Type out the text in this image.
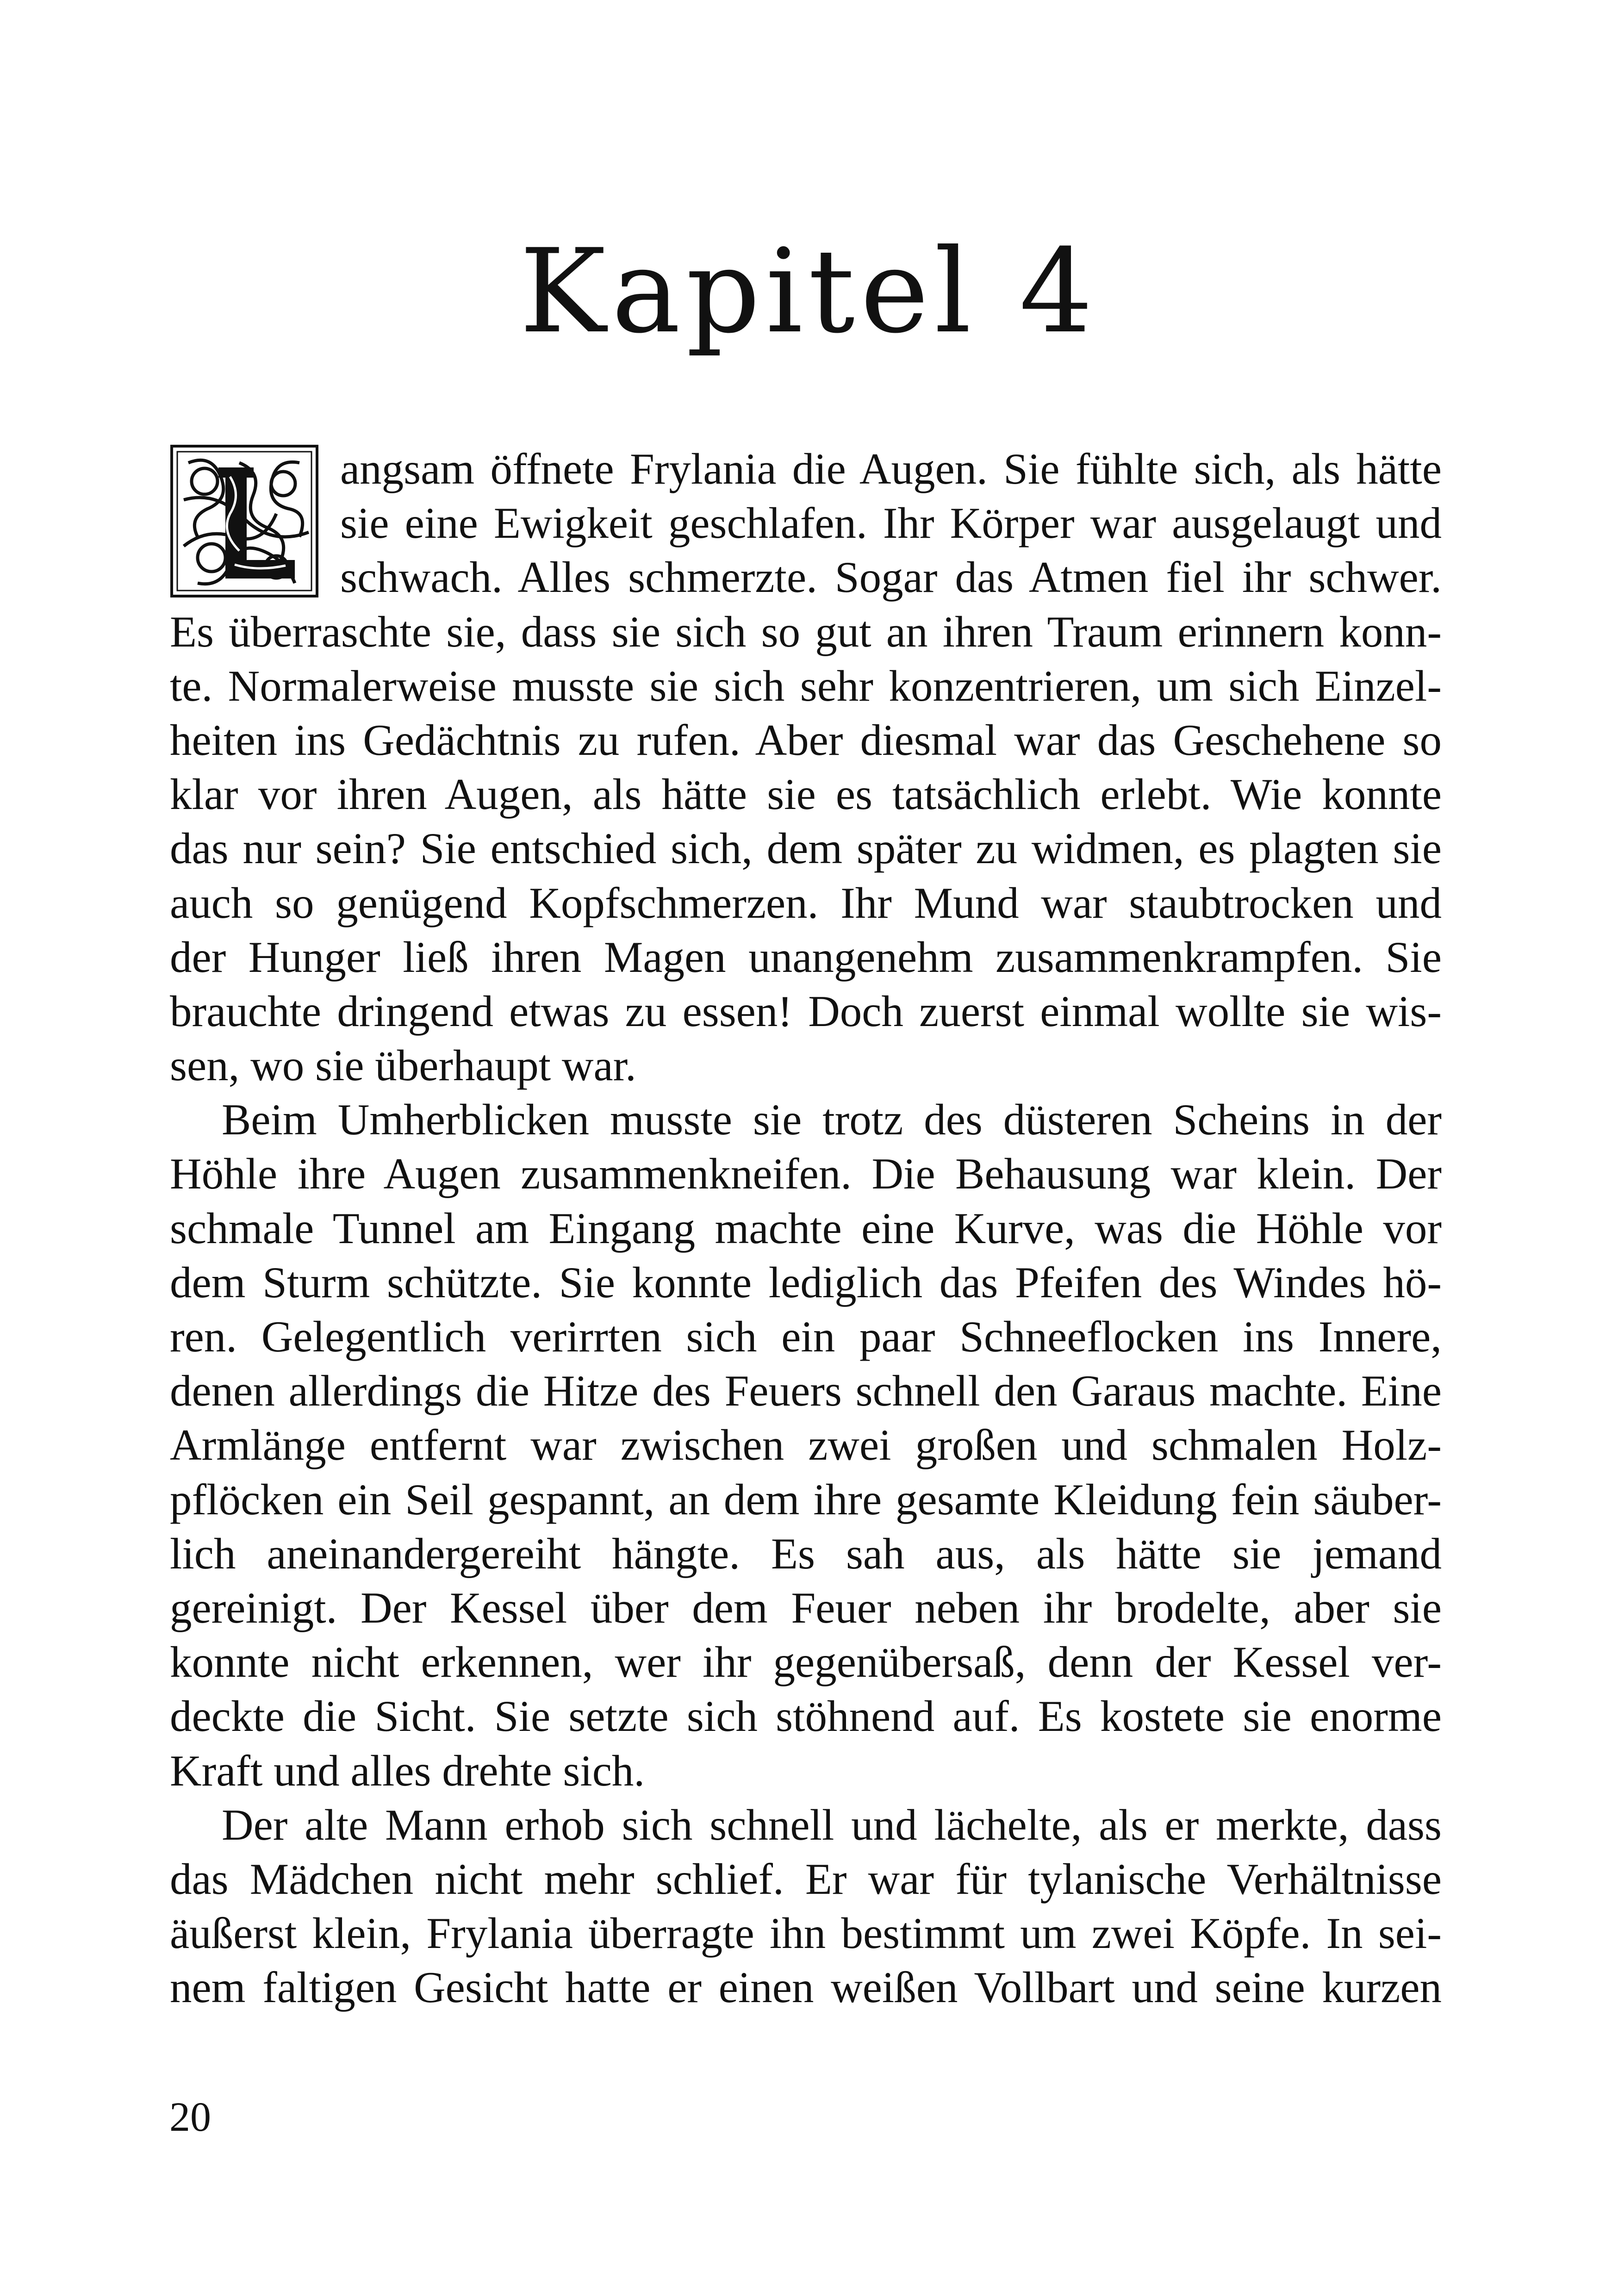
Kapitel 4
angsam öffnete Frylania die Augen. Sie fühlte sich, als hätte
sie eine Ewigkeit geschlafen. Ihr Körper war ausgelaugt und
schwach. Alles schmerzte. Sogar das Atmen fiel ihr schwer.
Es überraschte sie, dass sie sich so gut an ihren Traum erinnern konn-
te. Normalerweise musste sie sich sehr konzentrieren, um sich Einzel-
heiten ins Gedächtnis zu rufen. Aber diesmal war das Geschehene so
klar vor ihren Augen, als hätte sie es tatsächlich erlebt. Wie konnte
das nur sein? Sie entschied sich, dem später zu widmen, es plagten sie
auch so genügend Kopfschmerzen. Ihr Mund war staubtrocken und
der Hunger ließ ihren Magen unangenehm zusammenkrampfen. Sie
brauchte dringend etwas zu essen! Doch zuerst einmal wollte sie wis-
sen, wo sie überhaupt war.
Beim Umherblicken musste sie trotz des düsteren Scheins in der
Höhle ihre Augen zusammenkneifen. Die Behausung war klein. Der
schmale Tunnel am Eingang machte eine Kurve, was die Höhle vor
dem Sturm schützte. Sie konnte lediglich das Pfeifen des Windes hö-
ren. Gelegentlich verirrten sich ein paar Schneeflocken ins Innere,
denen allerdings die Hitze des Feuers schnell den Garaus machte. Eine
Armlänge entfernt war zwischen zwei großen und schmalen Holz-
pflöcken ein Seil gespannt, an dem ihre gesamte Kleidung fein säuber-
lich aneinandergereiht hängte. Es sah aus, als hätte sie jemand
gereinigt. Der Kessel über dem Feuer neben ihr brodelte, aber sie
konnte nicht erkennen, wer ihr gegenübersaß, denn der Kessel ver-
deckte die Sicht. Sie setzte sich stöhnend auf. Es kostete sie enorme
Kraft und alles drehte sich.
Der alte Mann erhob sich schnell und lächelte, als er merkte, dass
das Mädchen nicht mehr schlief. Er war für tylanische Verhältnisse
äußerst klein, Frylania überragte ihn bestimmt um zwei Köpfe. In sei-
nem faltigen Gesicht hatte er einen weißen Vollbart und seine kurzen
20
